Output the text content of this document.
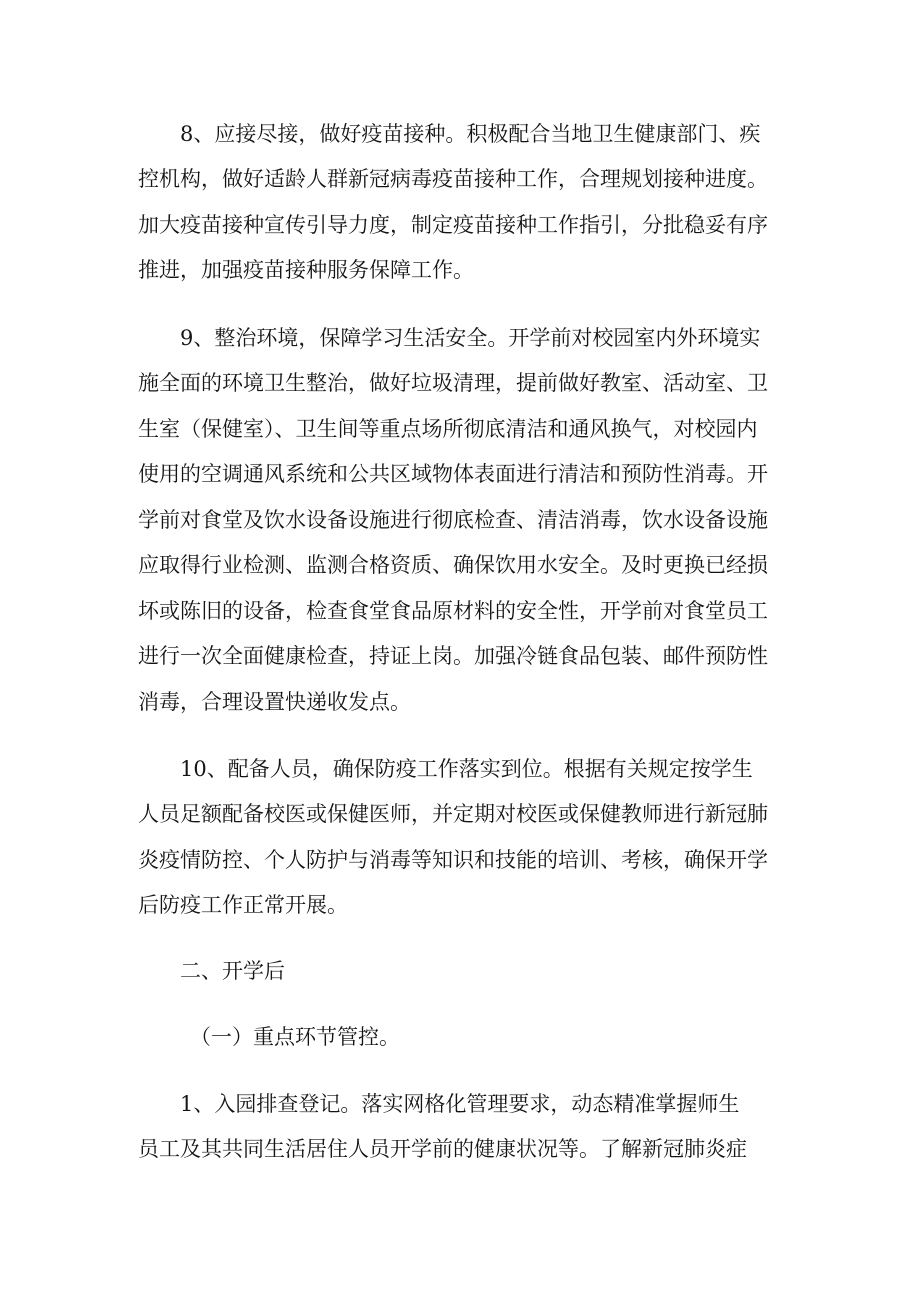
8、应接尽接，做好疫苗接种。积极配合当地卫生健康部门、疾
控机构，做好适龄人群新冠病毒疫苗接种工作，合理规划接种进度。
加大疫苗接种宣传引导力度，制定疫苗接种工作指引，分批稳妥有序
推进，加强疫苗接种服务保障工作。
9、整治环境，保障学习生活安全。开学前对校园室内外环境实
施全面的环境卫生整治，做好垃圾清理，提前做好教室、活动室、卫
生室（保健室）、卫生间等重点场所彻底清洁和通风换气，对校园内
使用的空调通风系统和公共区域物体表面进行清洁和预防性消毒。开
学前对食堂及饮水设备设施进行彻底检查、清洁消毒，饮水设备设施
应取得行业检测、监测合格资质、确保饮用水安全。及时更换已经损
坏或陈旧的设备，检查食堂食品原材料的安全性，开学前对食堂员工
进行一次全面健康检查，持证上岗。加强冷链食品包装、邮件预防性
消毒，合理设置快递收发点。
10、配备人员，确保防疫工作落实到位。根据有关规定按学生
人员足额配备校医或保健医师，并定期对校医或保健教师进行新冠肺
炎疫情防控、个人防护与消毒等知识和技能的培训、考核，确保开学
后防疫工作正常开展。
二、开学后
（一）重点环节管控。
1、入园排查登记。落实网格化管理要求，动态精准掌握师生
员工及其共同生活居住人员开学前的健康状况等。了解新冠肺炎症
